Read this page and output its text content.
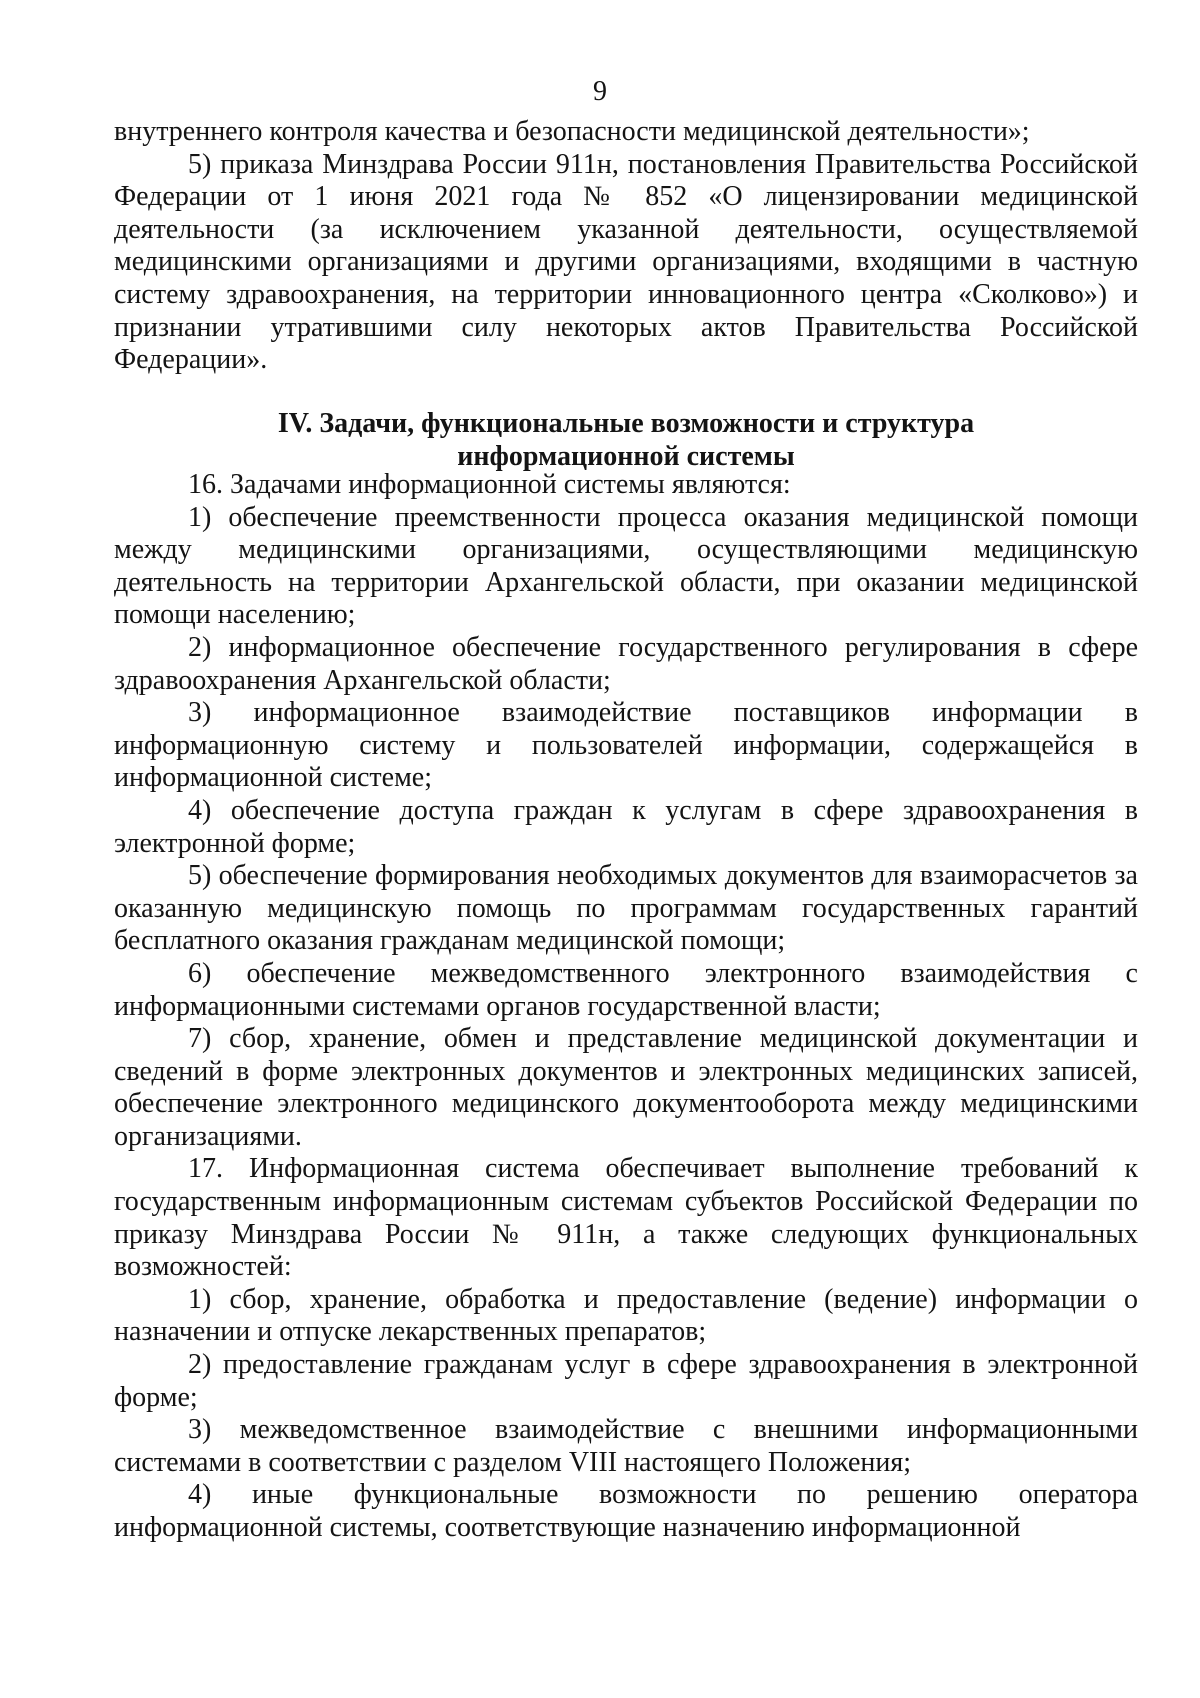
9

внутреннего контроля качества и безопасности медицинской деятельности»;

5) приказа Минздрава России 911н, постановления Правительства Российской Федерации от 1 июня 2021 года № 852 «О лицензировании медицинской деятельности (за исключением указанной деятельности, осуществляемой медицинскими организациями и другими организациями, входящими в частную систему здравоохранения, на территории инновационного центра «Сколково») и признании утратившими силу некоторых актов Правительства Российской Федерации».

IV. Задачи, функциональные возможности и структура
информационной системы

16. Задачами информационной системы являются:

1) обеспечение преемственности процесса оказания медицинской помощи между медицинскими организациями, осуществляющими медицинскую деятельность на территории Архангельской области, при оказании медицинской помощи населению;

2) информационное обеспечение государственного регулирования в сфере здравоохранения Архангельской области;

3) информационное взаимодействие поставщиков информации в информационную систему и пользователей информации, содержащейся в информационной системе;

4) обеспечение доступа граждан к услугам в сфере здравоохранения в электронной форме;

5) обеспечение формирования необходимых документов для взаиморасчетов за оказанную медицинскую помощь по программам государственных гарантий бесплатного оказания гражданам медицинской помощи;

6) обеспечение межведомственного электронного взаимодействия с информационными системами органов государственной власти;

7) сбор, хранение, обмен и представление медицинской документации и сведений в форме электронных документов и электронных медицинских записей, обеспечение электронного медицинского документооборота между медицинскими организациями.

17. Информационная система обеспечивает выполнение требований к государственным информационным системам субъектов Российской Федерации по приказу Минздрава России № 911н, а также следующих функциональных возможностей:

1) сбор, хранение, обработка и предоставление (ведение) информации о назначении и отпуске лекарственных препаратов;

2) предоставление гражданам услуг в сфере здравоохранения в электронной форме;

3) межведомственное взаимодействие с внешними информационными системами в соответствии с разделом VIII настоящего Положения;

4) иные функциональные возможности по решению оператора информационной системы, соответствующие назначению информационной
